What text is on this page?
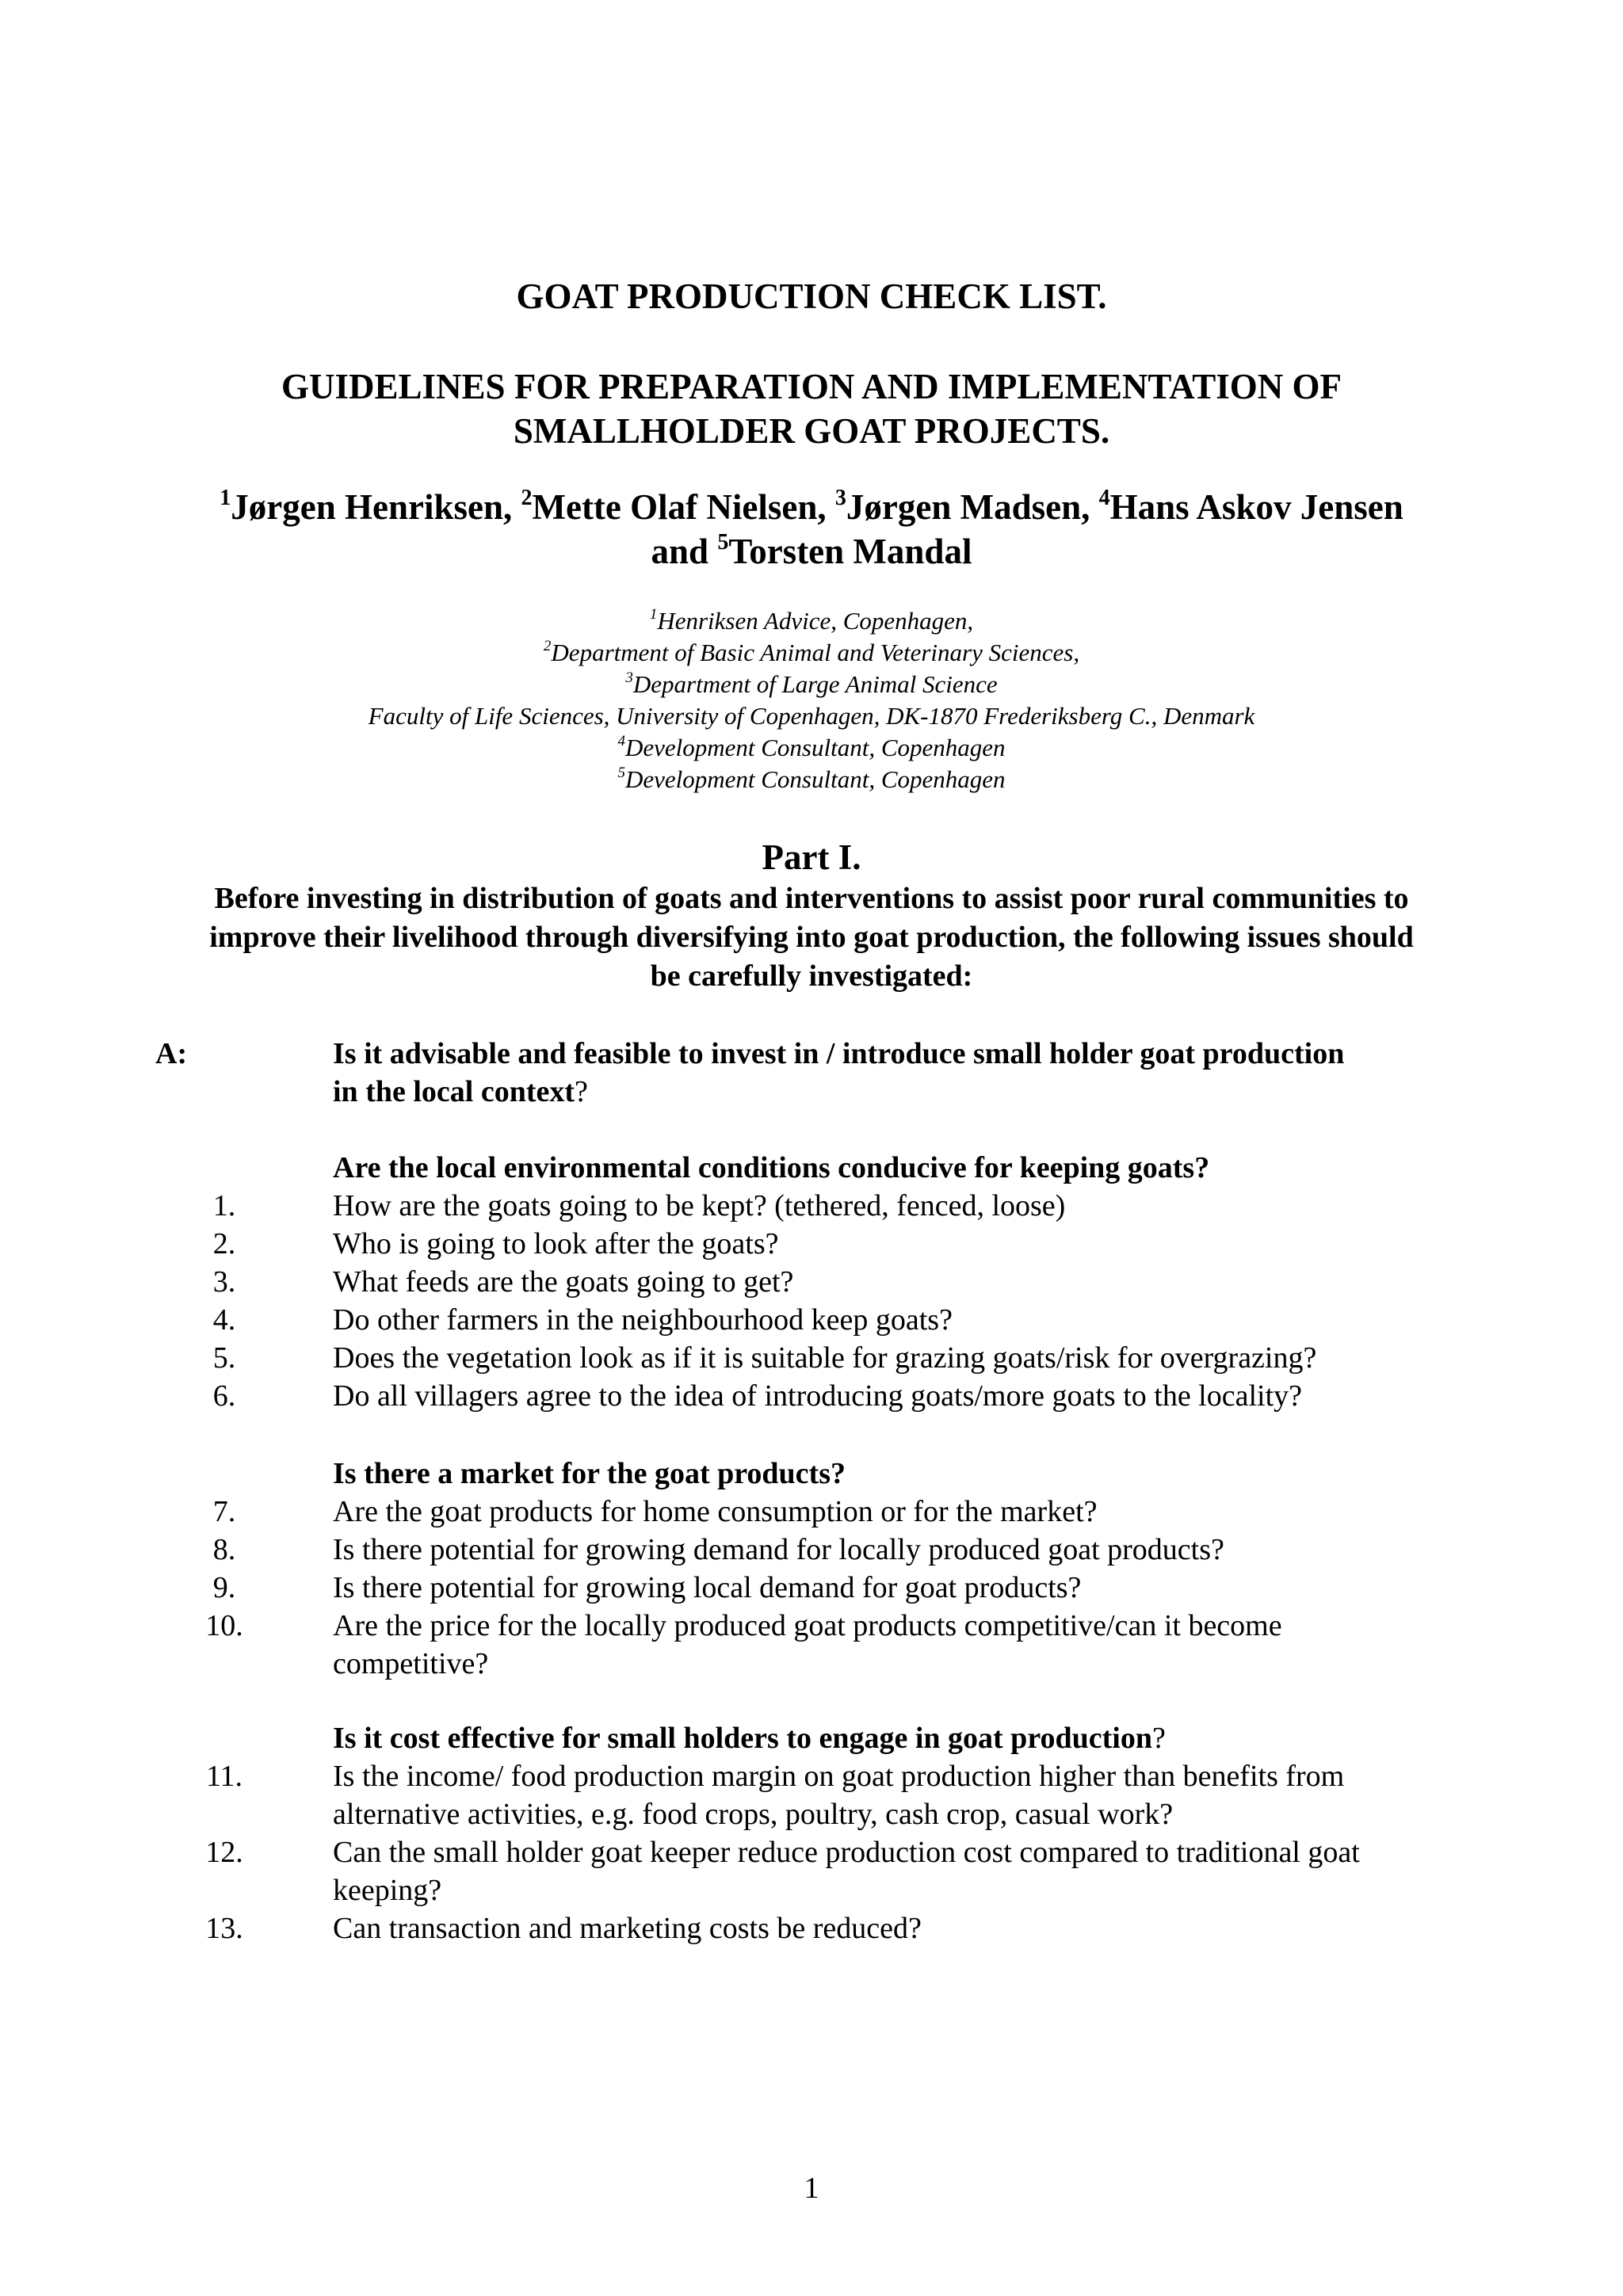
GOAT PRODUCTION CHECK LIST.
GUIDELINES FOR PREPARATION AND IMPLEMENTATION OF
SMALLHOLDER GOAT PROJECTS.
$^1$Jørgen Henriksen, $^2$Mette Olaf Nielsen, $^3$Jørgen Madsen, $^4$Hans Askov Jensen
and $^5$Torsten Mandal
$^1$Henriksen Advice, Copenhagen,
$^2$Department of Basic Animal and Veterinary Sciences,
$^3$Department of Large Animal Science
Faculty of Life Sciences, University of Copenhagen, DK-1870 Frederiksberg C., Denmark
$^4$Development Consultant, Copenhagen
$^5$Development Consultant, Copenhagen
Part I.
Before investing in distribution of goats and interventions to assist poor rural communities to
improve their livelihood through diversifying into goat production, the following issues should
be carefully investigated:
A:	Is it advisable and feasible to invest in / introduce small holder goat production
in the local context?
Are the local environmental conditions conducive for keeping goats?
1.	How are the goats going to be kept? (tethered, fenced, loose)
2.	Who is going to look after the goats?
3.	What feeds are the goats going to get?
4.	Do other farmers in the neighbourhood keep goats?
5.	Does the vegetation look as if it is suitable for grazing goats/risk for overgrazing?
6.	Do all villagers agree to the idea of introducing goats/more goats to the locality?
Is there a market for the goat products?
7.	Are the goat products for home consumption or for the market?
8.	Is there potential for growing demand for locally produced goat products?
9.	Is there potential for growing local demand for goat products?
10.	Are the price for the locally produced goat products competitive/can it become
competitive?
Is it cost effective for small holders to engage in goat production?
11.	Is the income/ food production margin on goat production higher than benefits from
alternative activities, e.g. food crops, poultry, cash crop, casual work?
12.	Can the small holder goat keeper reduce production cost compared to traditional goat
keeping?
13.	Can transaction and marketing costs be reduced?
1
